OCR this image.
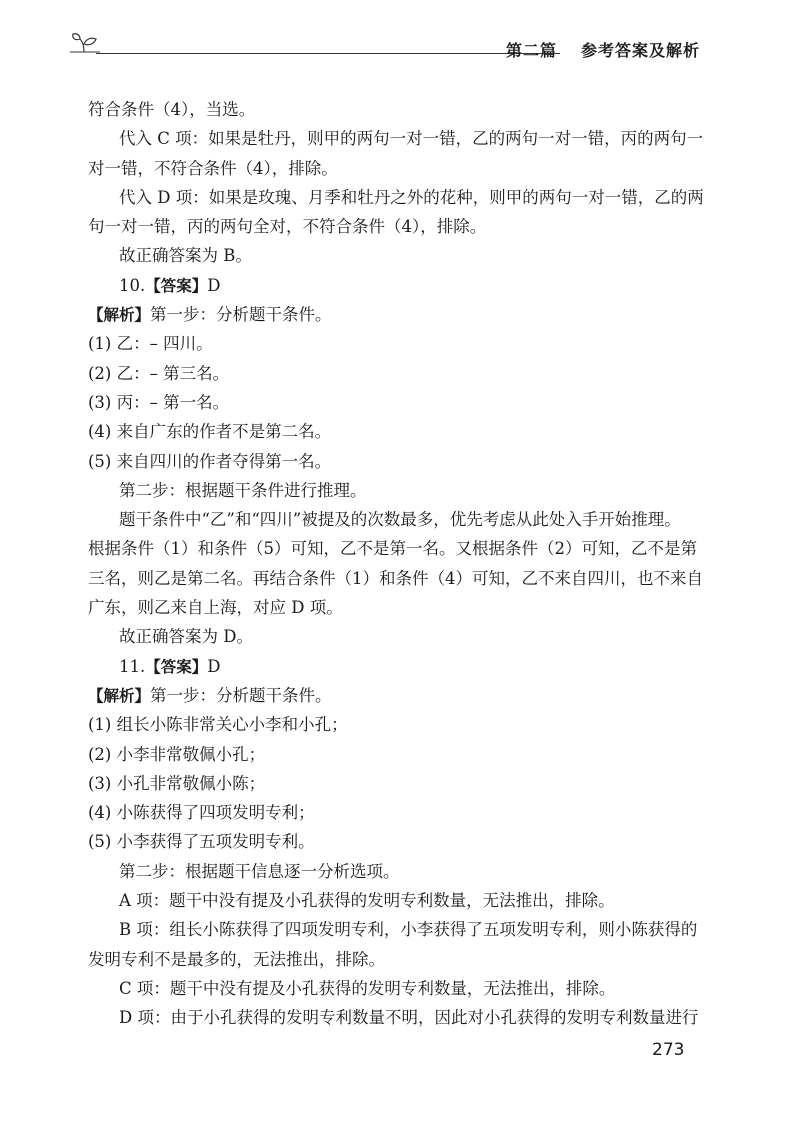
第二篇 参考答案及解析
符合条件（4），当选。
代入 C 项：如果是牡丹，则甲的两句一对一错，乙的两句一对一错，丙的两句一
对一错，不符合条件（4），排除。
代入 D 项：如果是玫瑰、月季和牡丹之外的花种，则甲的两句一对一错，乙的两
句一对一错，丙的两句全对，不符合条件（4），排除。
故正确答案为 B。
10.【答案】D
【解析】第一步：分析题干条件。
(1) 乙：– 四川。
(2) 乙：– 第三名。
(3) 丙：– 第一名。
(4) 来自广东的作者不是第二名。
(5) 来自四川的作者夺得第一名。
第二步：根据题干条件进行推理。
题干条件中“乙”和“四川”被提及的次数最多，优先考虑从此处入手开始推理。
根据条件（1）和条件（5）可知，乙不是第一名。又根据条件（2）可知，乙不是第
三名，则乙是第二名。再结合条件（1）和条件（4）可知，乙不来自四川，也不来自
广东，则乙来自上海，对应 D 项。
故正确答案为 D。
11.【答案】D
【解析】第一步：分析题干条件。
(1) 组长小陈非常关心小李和小孔；
(2) 小李非常敬佩小孔；
(3) 小孔非常敬佩小陈；
(4) 小陈获得了四项发明专利；
(5) 小李获得了五项发明专利。
第二步：根据题干信息逐一分析选项。
A 项：题干中没有提及小孔获得的发明专利数量，无法推出，排除。
B 项：组长小陈获得了四项发明专利，小李获得了五项发明专利，则小陈获得的
发明专利不是最多的，无法推出，排除。
C 项：题干中没有提及小孔获得的发明专利数量，无法推出，排除。
D 项：由于小孔获得的发明专利数量不明，因此对小孔获得的发明专利数量进行
273
